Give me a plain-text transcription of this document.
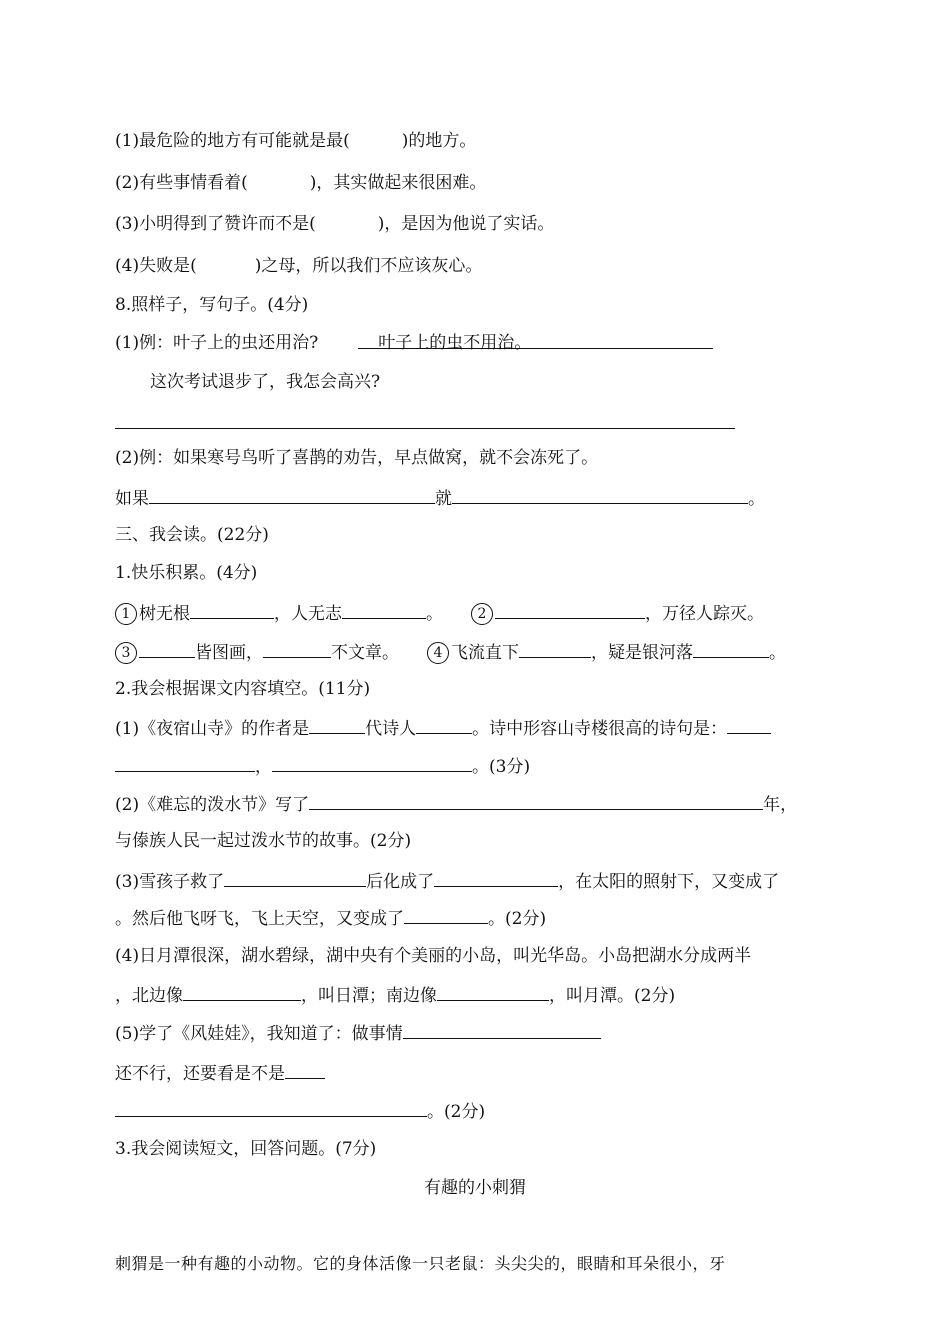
(1)最危险的地方有可能就是最(	)的地方。
(2)有些事情看着(	)，其实做起来很困难。
(3)小明得到了赞许而不是(	)，是因为他说了实话。
(4)失败是(	)之母，所以我们不应该灰心。
8.照样子，写句子。(4分)
(1)例：叶子上的虫还用治?	叶子上的虫不用治。
这次考试退步了，我怎会高兴?
(2)例：如果寒号鸟听了喜鹊的劝告，早点做窝，就不会冻死了。
如果	就	。
三、我会读。(22分)
1.快乐积累。(4分)
1 树无根	，人无志	。 2	，万径人踪灭。
3	皆图画，	不文章。 4 飞流直下	，疑是银河落	。
2.我会根据课文内容填空。(11分)
(1)《夜宿山寺》的作者是	代诗人	。诗中形容山寺楼很高的诗句是：
，	。(3分)
(2)《难忘的泼水节》写了	年，
与傣族人民一起过泼水节的故事。(2分)
(3)雪孩子救了	后化成了	，在太阳的照射下，又变成了
。然后他飞呀飞，飞上天空，又变成了	。(2分)
(4)日月潭很深，湖水碧绿，湖中央有个美丽的小岛，叫光华岛。小岛把湖水分成两半
，北边像	，叫日潭；南边像	，叫月潭。(2分)
(5)学了《风娃娃》，我知道了：做事情
还不行，还要看是不是
。(2分)
3.我会阅读短文，回答问题。(7分)
有趣的小刺猬
刺猬是一种有趣的小动物。它的身体活像一只老鼠：头尖尖的，眼睛和耳朵很小，牙
